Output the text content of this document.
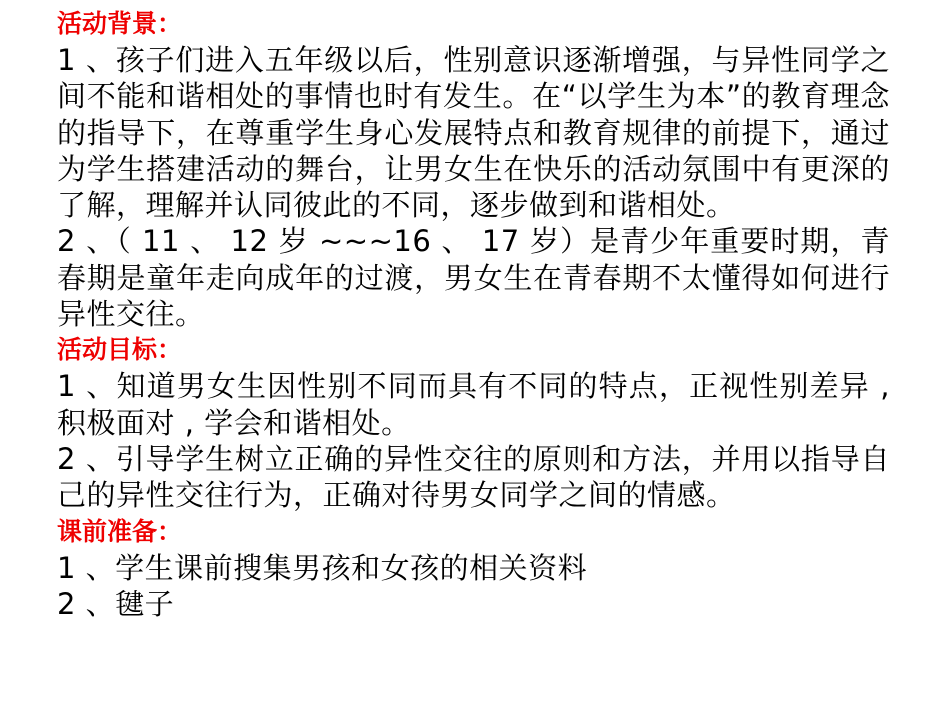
活动背景：

1 、孩子们进入五年级以后，性别意识逐渐增强，与异性同学之间不能和谐相处的事情也时有发生。在“以学生为本”的教育理念的指导下，在尊重学生身心发展特点和教育规律的前提下，通过为学生搭建活动的舞台，让男女生在快乐的活动氛围中有更深的了解，理解并认同彼此的不同，逐步做到和谐相处。

2 、（ 11 、 12 岁 ~~~16 、 17 岁）是青少年重要时期，青春期是童年走向成年的过渡，男女生在青春期不太懂得如何进行异性交往。

活动目标：

1 、知道男女生因性别不同而具有不同的特点，正视性别差异 , 积极面对 , 学会和谐相处。

2 、引导学生树立正确的异性交往的原则和方法，并用以指导自己的异性交往行为，正确对待男女同学之间的情感。

课前准备：

1 、学生课前搜集男孩和女孩的相关资料

2 、毽子
